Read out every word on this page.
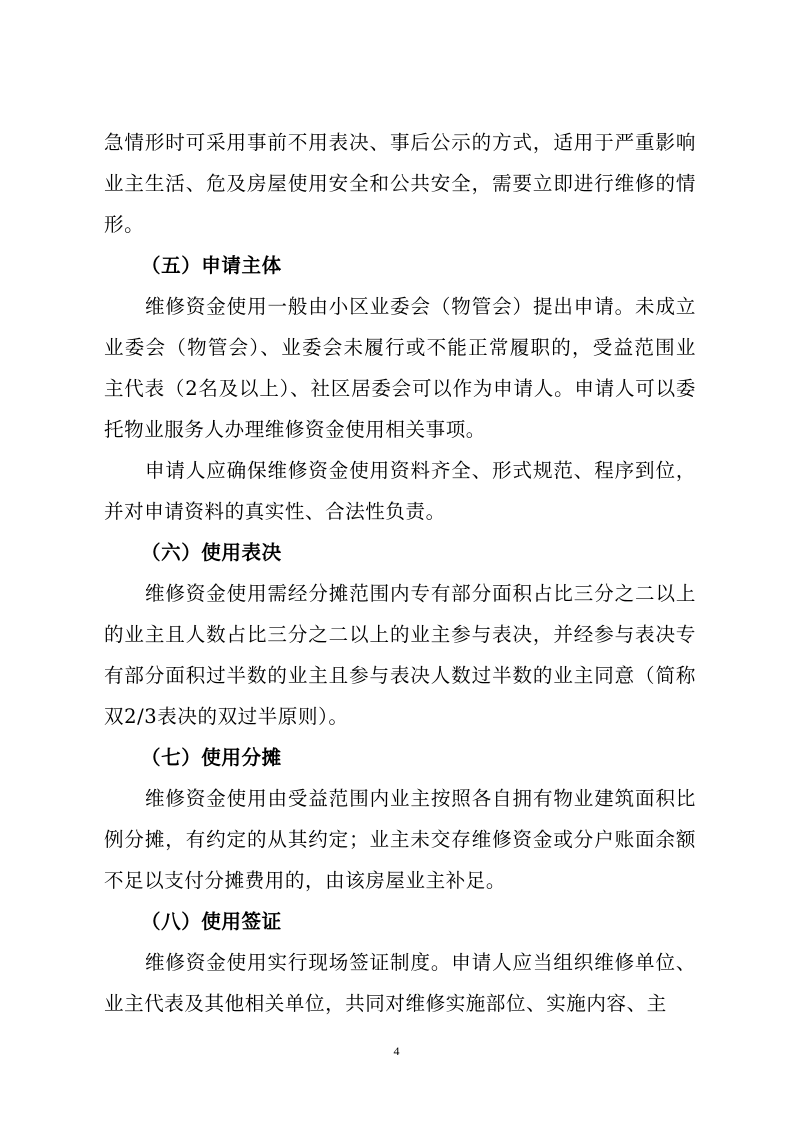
急情形时可采用事前不用表决、事后公示的方式，适用于严重影响业主生活、危及房屋使用安全和公共安全，需要立即进行维修的情形。

（五）申请主体

维修资金使用一般由小区业委会（物管会）提出申请。未成立业委会（物管会）、业委会未履行或不能正常履职的，受益范围业主代表（2名及以上）、社区居委会可以作为申请人。申请人可以委托物业服务人办理维修资金使用相关事项。

申请人应确保维修资金使用资料齐全、形式规范、程序到位，并对申请资料的真实性、合法性负责。

（六）使用表决

维修资金使用需经分摊范围内专有部分面积占比三分之二以上的业主且人数占比三分之二以上的业主参与表决，并经参与表决专有部分面积过半数的业主且参与表决人数过半数的业主同意（简称双2/3表决的双过半原则）。

（七）使用分摊

维修资金使用由受益范围内业主按照各自拥有物业建筑面积比例分摊，有约定的从其约定；业主未交存维修资金或分户账面余额不足以支付分摊费用的，由该房屋业主补足。

（八）使用签证

维修资金使用实行现场签证制度。申请人应当组织维修单位、业主代表及其他相关单位，共同对维修实施部位、实施内容、主

4
